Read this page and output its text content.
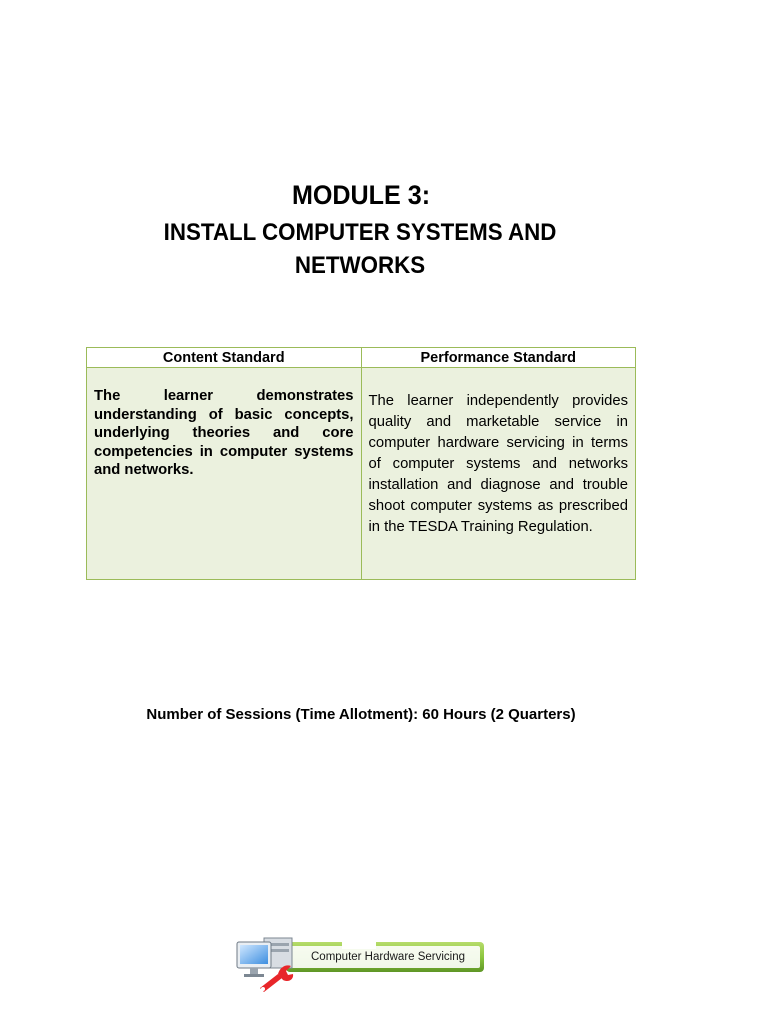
MODULE 3:
INSTALL COMPUTER SYSTEMS AND
NETWORKS
Content Standard	Performance Standard
The learner demonstrates understanding of basic concepts, underlying theories and core competencies in computer systems and networks.	The learner independently provides quality and marketable service in computer hardware servicing in terms of computer systems and networks installation and diagnose and trouble shoot computer systems as prescribed in the TESDA Training Regulation.
Number of Sessions (Time Allotment): 60 Hours (2 Quarters)
Computer Hardware Servicing
